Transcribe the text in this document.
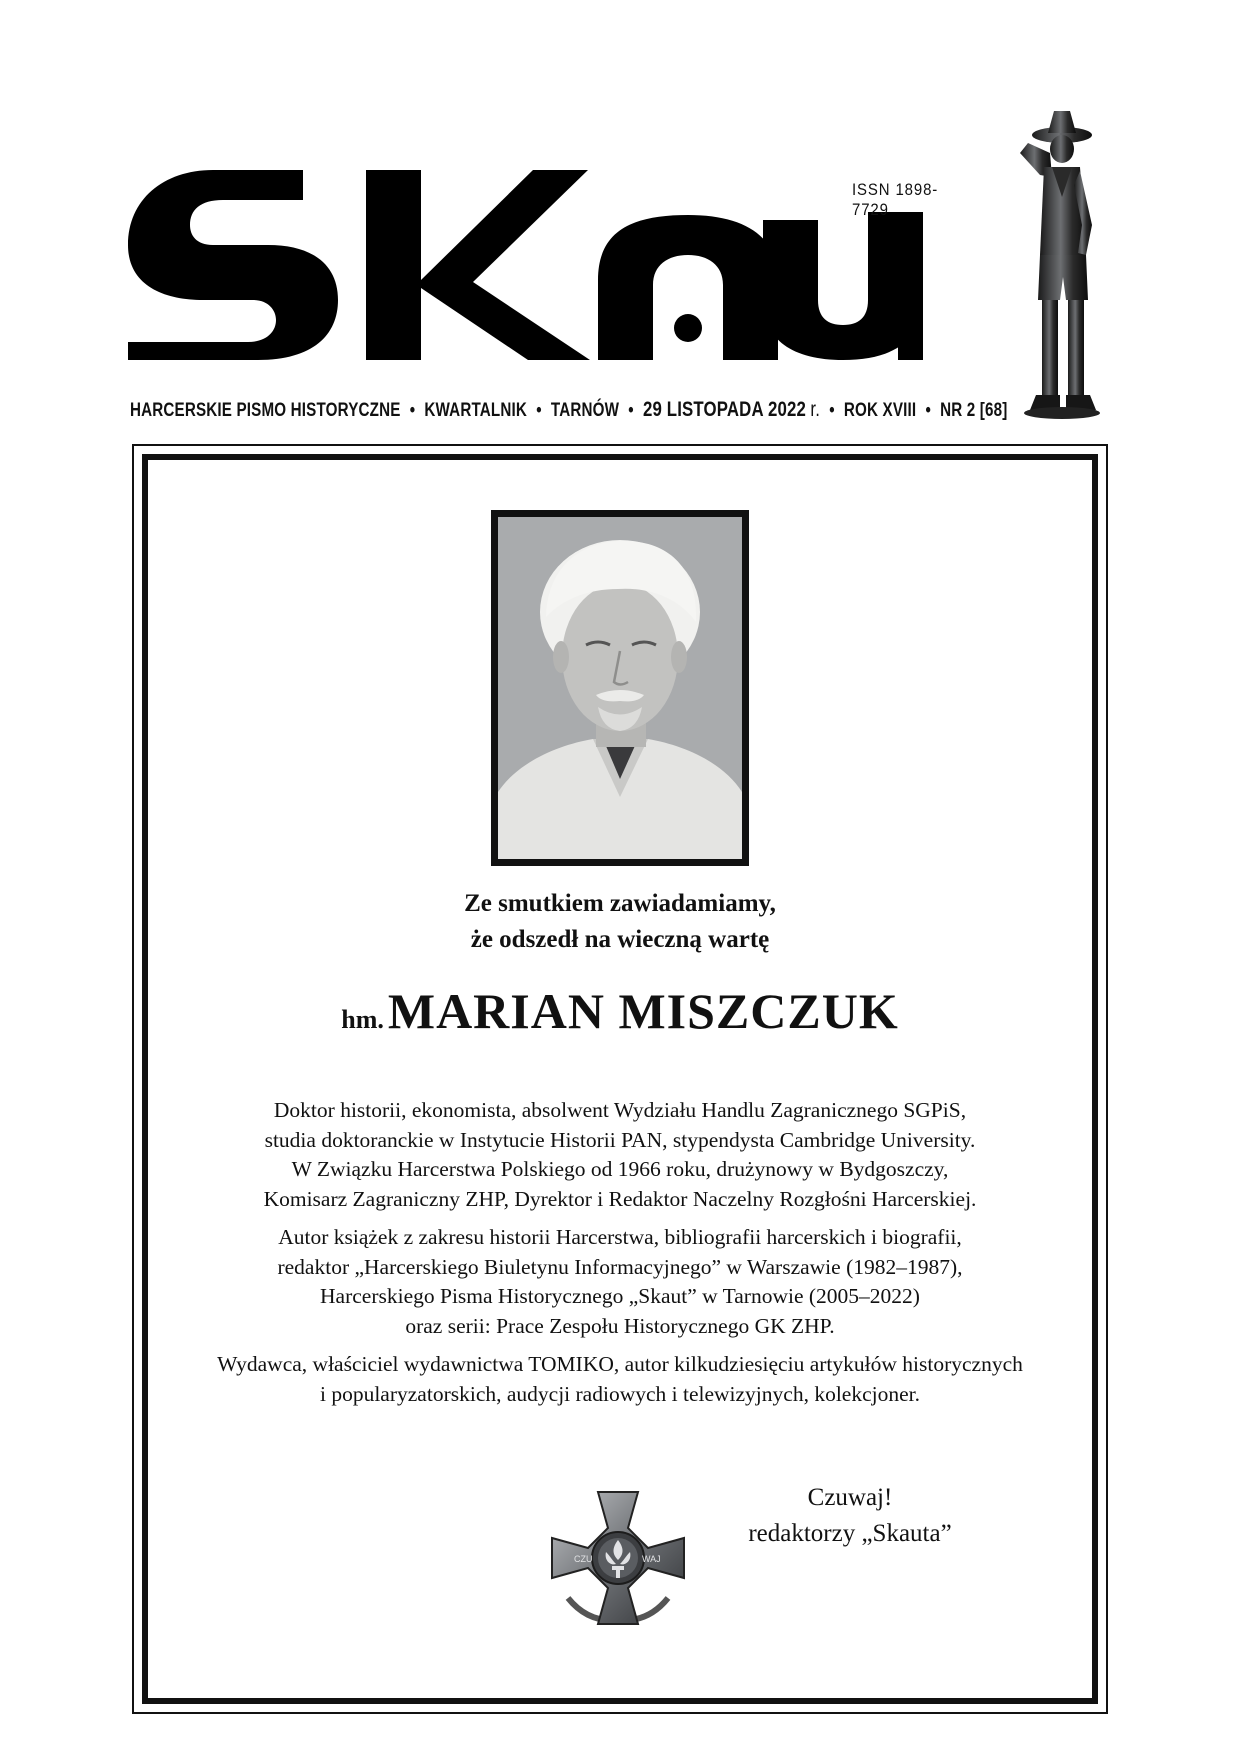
ISSN 1898-7729
HARCERSKIE PISMO HISTORYCZNE • KWARTALNIK • TARNÓW • 29 LISTOPADA 2022 r. • ROK XVIII • NR 2 [68]
Ze smutkiem zawiadamiamy,
że odszedł na wieczną wartę
hm. MARIAN MISZCZUK

Doktor historii, ekonomista, absolwent Wydziału Handlu Zagranicznego SGPiS,
studia doktoranckie w Instytucie Historii PAN, stypendysta Cambridge University.
W Związku Harcerstwa Polskiego od 1966 roku, drużynowy w Bydgoszczy,
Komisarz Zagraniczny ZHP, Dyrektor i Redaktor Naczelny Rozgłośni Harcerskiej.

Autor książek z zakresu historii Harcerstwa, bibliografii harcerskich i biografii,
redaktor „Harcerskiego Biuletynu Informacyjnego” w Warszawie (1982–1987),
Harcerskiego Pisma Historycznego „Skaut” w Tarnowie (2005–2022)
oraz serii: Prace Zespołu Historycznego GK ZHP.

Wydawca, właściciel wydawnictwa TOMIKO, autor kilkudziesięciu artykułów historycznych
i popularyzatorskich, audycji radiowych i telewizyjnych, kolekcjoner.

CZU	WAJ
Czuwaj!
redaktorzy „Skauta”
